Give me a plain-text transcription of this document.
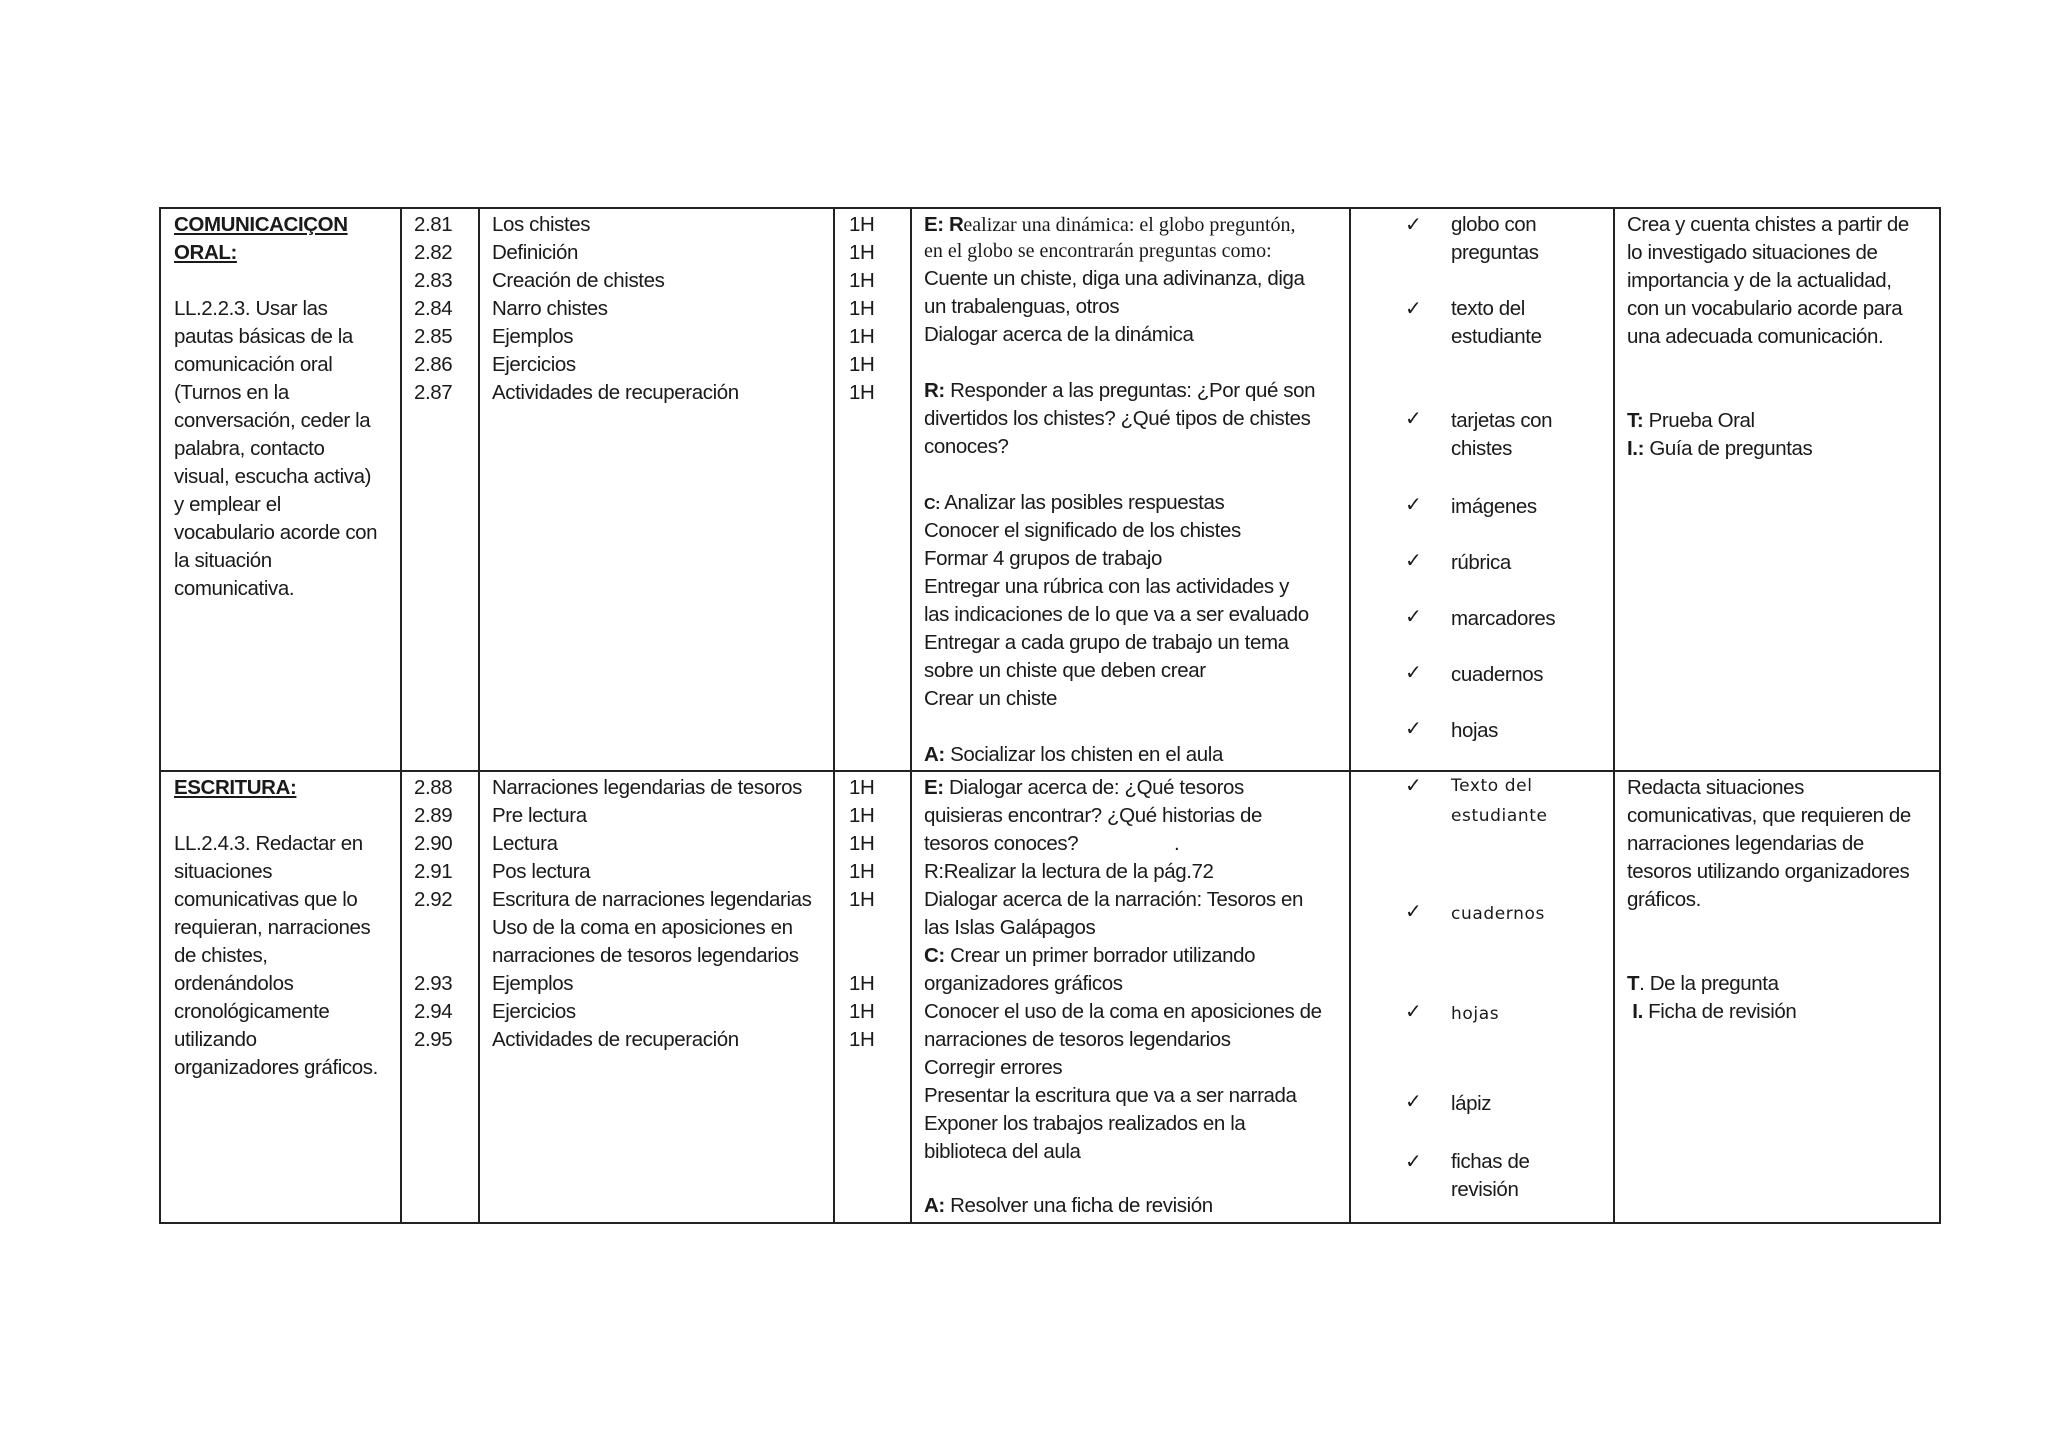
COMUNICACIÇON
ORAL:
LL.2.2.3. Usar las
pautas básicas de la
comunicación oral
(Turnos en la
conversación, ceder la
palabra, contacto
visual, escucha activa)
y emplear el
vocabulario acorde con
la situación
comunicativa.
2.81
2.82
2.83
2.84
2.85
2.86
2.87
Los chistes
Definición
Creación de chistes
Narro chistes
Ejemplos
Ejercicios
Actividades de recuperación
1H
1H
1H
1H
1H
1H
1H
E: Realizar una dinámica: el globo preguntón,
en el globo se encontrarán preguntas como:
Cuente un chiste, diga una adivinanza, diga
un trabalenguas, otros
Dialogar acerca de la dinámica
R: Responder a las preguntas: ¿Por qué son
divertidos los chistes? ¿Qué tipos de chistes
conoces?
C: Analizar las posibles respuestas
Conocer el significado de los chistes
Formar 4 grupos de trabajo
Entregar una rúbrica con las actividades y
las indicaciones de lo que va a ser evaluado
Entregar a cada grupo de trabajo un tema
sobre un chiste que deben crear
Crear un chiste
A: Socializar los chisten en el aula
✓ globo con
preguntas
✓ texto del
estudiante
✓ tarjetas con
chistes
✓ imágenes
✓ rúbrica
✓ marcadores
✓ cuadernos
✓ hojas
Crea y cuenta chistes a partir de
lo investigado situaciones de
importancia y de la actualidad,
con un vocabulario acorde para
una adecuada comunicación.
T: Prueba Oral
I.: Guía de preguntas
ESCRITURA:
LL.2.4.3. Redactar en
situaciones
comunicativas que lo
requieran, narraciones
de chistes,
ordenándolos
cronológicamente
utilizando
organizadores gráficos.
2.88
2.89
2.90
2.91
2.92
2.93
2.94
2.95
Narraciones legendarias de tesoros
Pre lectura
Lectura
Pos lectura
Escritura de narraciones legendarias
Uso de la coma en aposiciones en
narraciones de tesoros legendarios
Ejemplos
Ejercicios
Actividades de recuperación
1H
1H
1H
1H
1H
1H
1H
1H
E: Dialogar acerca de: ¿Qué tesoros
quisieras encontrar? ¿Qué historias de
tesoros conoces?	.
R:Realizar la lectura de la pág.72
Dialogar acerca de la narración: Tesoros en
las Islas Galápagos
C: Crear un primer borrador utilizando
organizadores gráficos
Conocer el uso de la coma en aposiciones de
narraciones de tesoros legendarios
Corregir errores
Presentar la escritura que va a ser narrada
Exponer los trabajos realizados en la
biblioteca del aula
A: Resolver una ficha de revisión
✓ Texto del
estudiante
✓ cuadernos
✓ hojas
✓ lápiz
✓ fichas de
revisión
Redacta situaciones
comunicativas, que requieren de
narraciones legendarias de
tesoros utilizando organizadores
gráficos.
T. De la pregunta
I. Ficha de revisión
